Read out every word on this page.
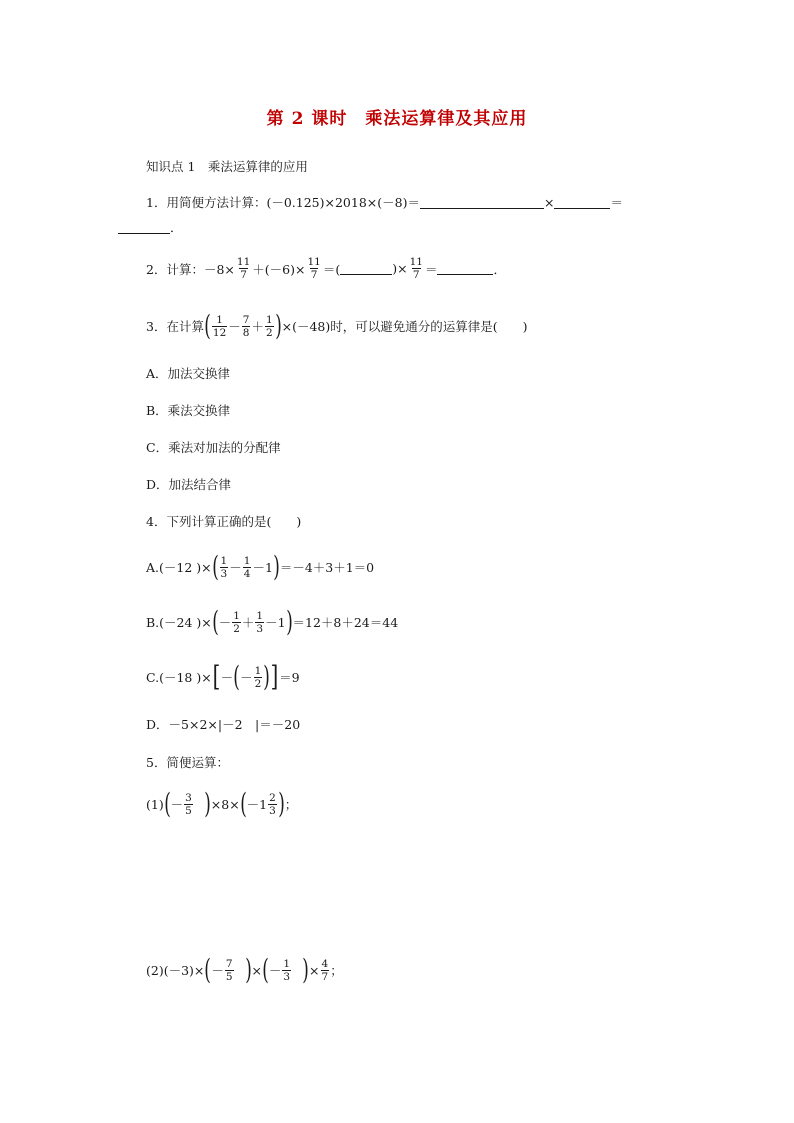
第 2 课时　乘法运算律及其应用
知识点 1　乘法运算律的应用
1．用简便方法计算：(－0.125)×2018×(－8)＝	×	＝
．
2．计算：$-8\times \frac{11}{7} +(-6)\times \frac{11}{7}$ ＝(	)× $\frac{11}{7}$ ＝	．
3．在计算 ( $\frac{1}{12} - \frac{7}{8} + \frac{1}{2}$ ) ×(－48)时，可以避免通分的运算律是(　　)
A．加法交换律
B．乘法交换律
C．乘法对加法的分配律
D．加法结合律
4．下列计算正确的是(　　)
A.(－12 )× ( $\frac{1}{3} - \frac{1}{4} -1$ ) ＝－4＋3＋1＝0
B.(－24 )× ( － $\frac{1}{2} + \frac{1}{3} -1$ ) ＝12＋8＋24＝44
C.(－18 )× [ － ( － $\frac{1}{2}$ ) ] ＝9
D．－5×2×|－2　|＝－20
5．简便运算：
(1) ( － $\frac{3}{5}$ ) ×8× ( $-1 \frac{2}{3}$ ) ；
(2)(－3)× ( － $\frac{7}{5}$ ) × ( － $\frac{1}{3}$ ) × $\frac{4}{7}$ ；
